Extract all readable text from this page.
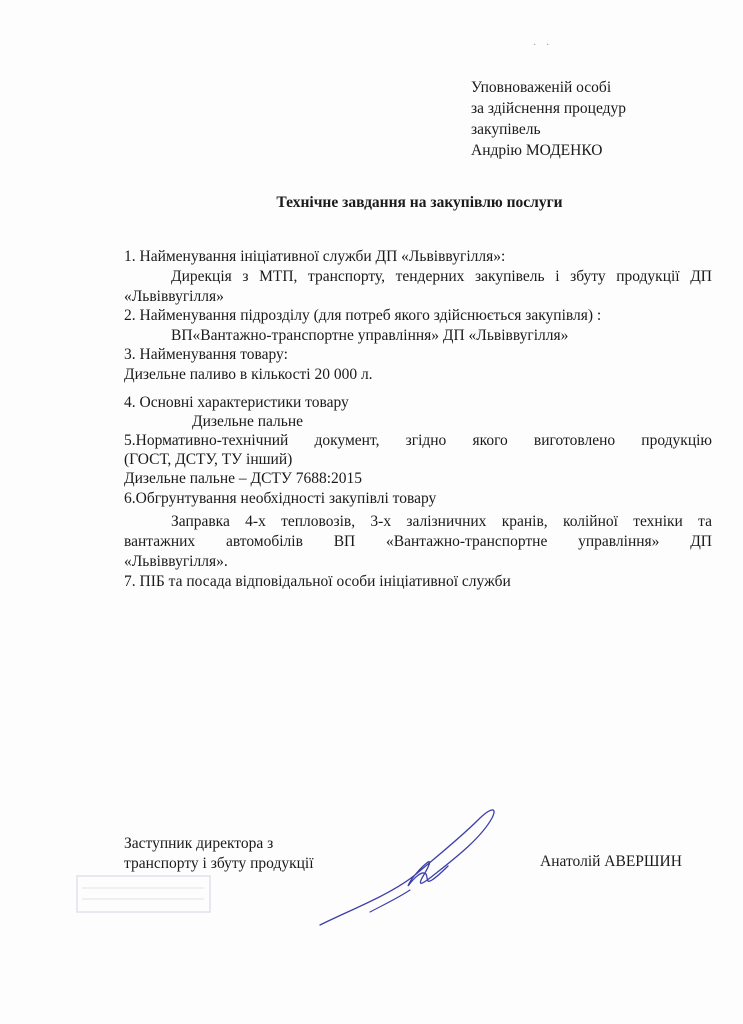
· ·
Уповноваженій особі
за здійснення процедур
закупівель
Андрію МОДЕНКО
Технічне завдання на закупівлю послуги
1. Найменування ініціативної служби ДП «Львіввугілля»:
Дирекція з МТП, транспорту, тендерних закупівель і збуту продукції ДП
«Львіввугілля»
2. Найменування підрозділу (для потреб якого здійснюється закупівля) :
ВП«Вантажно-транспортне управління» ДП «Львіввугілля»
3. Найменування товару:
Дизельне паливо в кількості 20 000 л.
4. Основні характеристики товару
Дизельне пальне
5.Нормативно-технічний документ, згідно якого виготовлено продукцію
(ГОСТ, ДСТУ, ТУ інший)
Дизельне пальне – ДСТУ 7688:2015
6.Обгрунтування необхідності закупівлі товару
Заправка 4-х тепловозів, 3-х залізничних кранів, колійної техніки та
вантажних автомобілів ВП «Вантажно-транспортне управління» ДП
«Львіввугілля».
7. ПІБ та посада відповідальної особи ініціативної служби
Заступник директора з
транспорту і збуту продукції	Анатолій АВЕРШИН
